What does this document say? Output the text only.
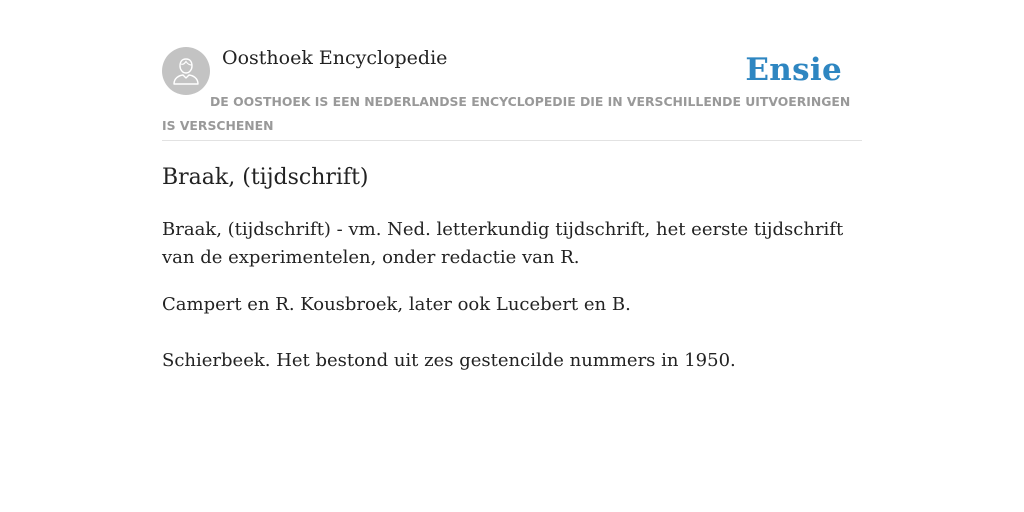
Oosthoek Encyclopedie	Ensie
DE OOSTHOEK IS EEN NEDERLANDSE ENCYCLOPEDIE DIE IN VERSCHILLENDE UITVOERINGEN IS VERSCHENEN
Braak, (tijdschrift)

Braak, (tijdschrift) - vm. Ned. letterkundig tijdschrift, het eerste tijdschrift van de experimentelen, onder redactie van R.

Campert en R. Kousbroek, later ook Lucebert en B.

Schierbeek. Het bestond uit zes gestencilde nummers in 1950.
